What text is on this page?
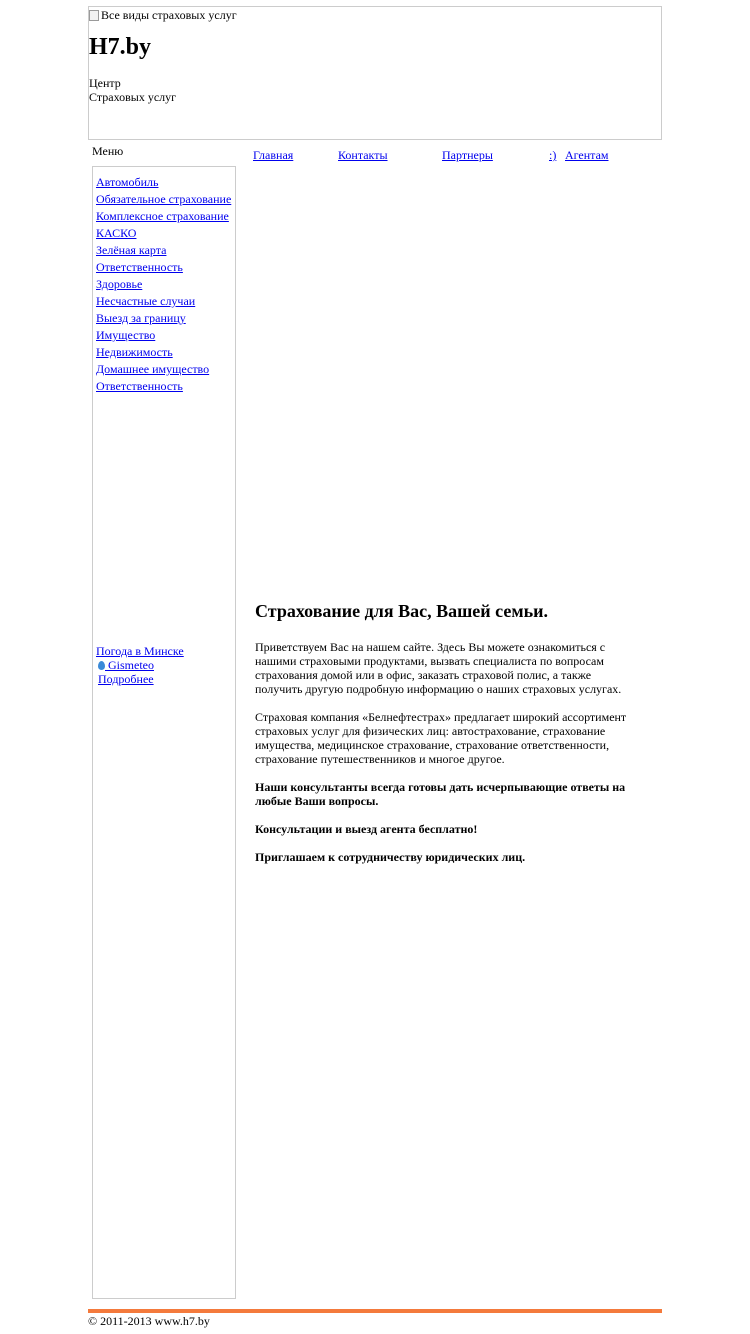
Все виды страховых услуг
H7.by
Центр
Страховых услуг
Меню	Главная	Контакты	Партнеры	:) Агентам
Автомобиль
Обязательное страхование
Комплексное страхование
КАСКО
Зелёная карта
Ответственность
Здоровье
Несчастные случаи
Выезд за границу
Имущество
Недвижимость
Домашнее имущество
Ответственность
Погода в Минске
Gismeteo
Подробнее
Страхование для Вас, Вашей семьи.

Приветствуем Вас на нашем сайте. Здесь Вы можете ознакомиться с нашими страховыми продуктами, вызвать специалиста по вопросам страхования домой или в офис, заказать страховой полис, а также получить другую подробную информацию о наших страховых услугах.

Страховая компания «Белнефтестрах» предлагает широкий ассортимент страховых услуг для физических лиц: автострахование, страхование имущества, медицинское страхование, страхование ответственности, страхование путешественников и многое другое.

Наши консультанты всегда готовы дать исчерпывающие ответы на любые Ваши вопросы.

Консультации и выезд агента бесплатно!

Приглашаем к сотрудничеству юридических лиц.

© 2011-2013 www.h7.by
